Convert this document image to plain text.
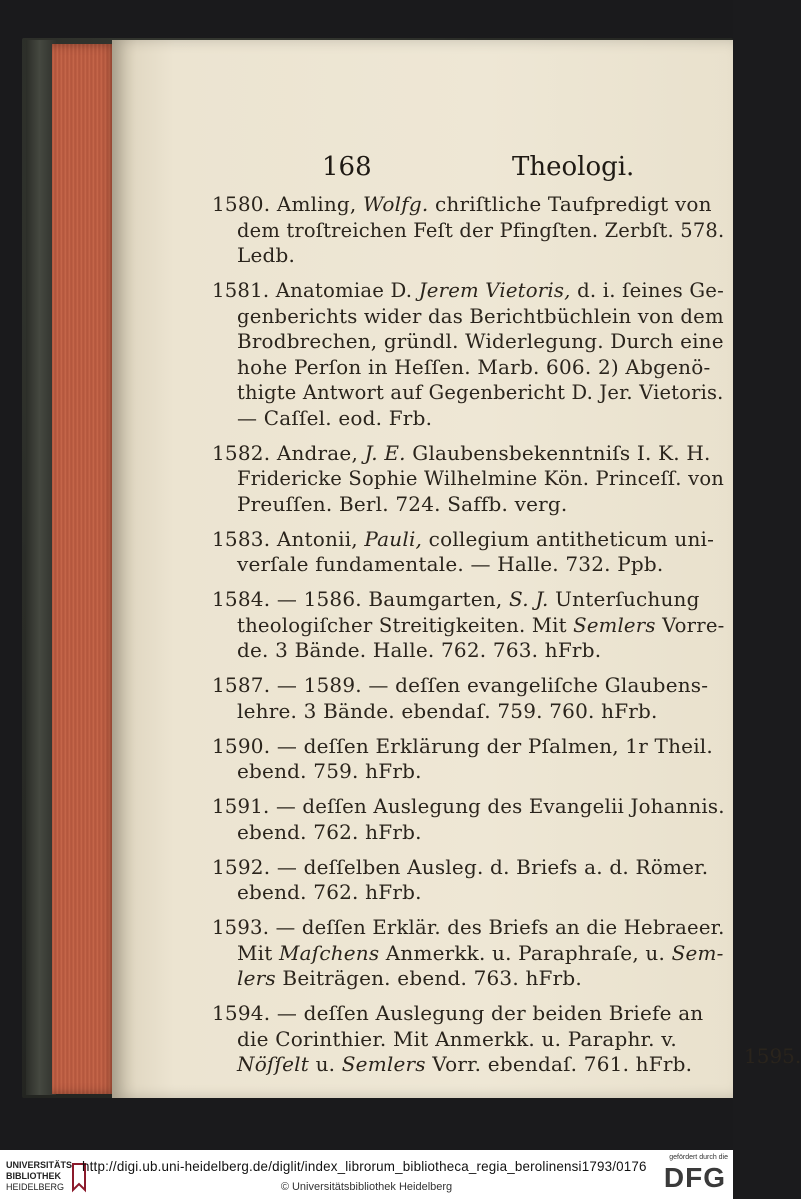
168	Theologi.
1580. Amling, Wolfg. chriſtliche Taufpredigt von
dem troſtreichen Feſt der Pfingſten. Zerbſt. 578.
Ledb.
1581. Anatomiae D. Jerem Vietoris, d. i. ſeines Ge-
genberichts wider das Berichtbüchlein von dem
Brodbrechen, gründl. Widerlegung. Durch eine
hohe Perſon in Heſſen. Marb. 606. 2) Abgenö-
thigte Antwort auf Gegenbericht D. Jer. Vietoris.
— Caſſel. eod. Frb.
1582. Andrae, J. E. Glaubensbekenntniſs I. K. H.
Fridericke Sophie Wilhelmine Kön. Princeſſ. von
Preuſſen. Berl. 724. Saffb. verg.
1583. Antonii, Pauli, collegium antitheticum uni-
verſale fundamentale. — Halle. 732. Ppb.
1584. — 1586. Baumgarten, S. J. Unterſuchung
theologiſcher Streitigkeiten. Mit Semlers Vorre-
de. 3 Bände. Halle. 762. 763. hFrb.
1587. — 1589. — deſſen evangeliſche Glaubens-
lehre. 3 Bände. ebendaſ. 759. 760. hFrb.
1590. — deſſen Erklärung der Pſalmen, 1r Theil.
ebend. 759. hFrb.
1591. — deſſen Auslegung des Evangelii Johannis.
ebend. 762. hFrb.
1592. — deſſelben Ausleg. d. Briefs a. d. Römer.
ebend. 762. hFrb.
1593. — deſſen Erklär. des Briefs an die Hebraeer.
Mit Maſchens Anmerkk. u. Paraphraſe, u. Sem-
lers Beiträgen. ebend. 763. hFrb.
1594. — deſſen Auslegung der beiden Briefe an
die Corinthier. Mit Anmerkk. u. Paraphr. v.
Nöſſelt u. Semlers Vorr. ebendaſ. 761. hFrb.	1595.
UNIVERSITÄTS
BIBLIOTHEK
HEIDELBERG
http://digi.ub.uni-heidelberg.de/diglit/index_librorum_bibliotheca_regia_berolinensi1793/0176
© Universitätsbibliothek Heidelberg
gefördert durch die
DFG
